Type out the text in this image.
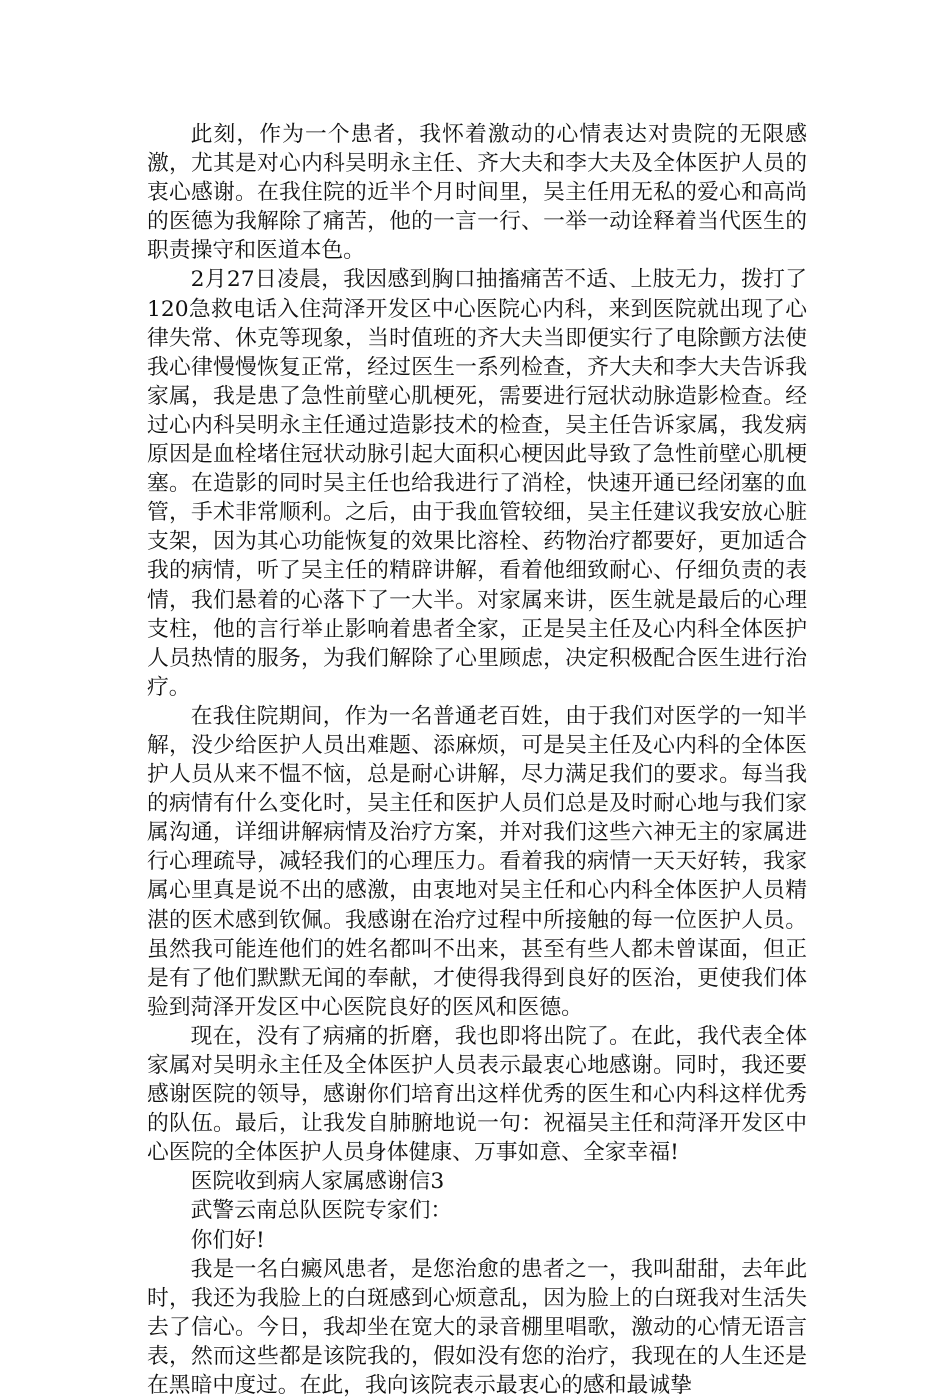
此刻，作为一个患者，我怀着激动的心情表达对贵院的无限感激，尤其是对心内科吴明永主任、齐大夫和李大夫及全体医护人员的衷心感谢。在我住院的近半个月时间里，吴主任用无私的爱心和高尚的医德为我解除了痛苦，他的一言一行、一举一动诠释着当代医生的职责操守和医道本色。

2月27日凌晨，我因感到胸口抽搐痛苦不适、上肢无力，拨打了120急救电话入住菏泽开发区中心医院心内科，来到医院就出现了心律失常、休克等现象，当时值班的齐大夫当即便实行了电除颤方法使我心律慢慢恢复正常，经过医生一系列检查，齐大夫和李大夫告诉我家属，我是患了急性前壁心肌梗死，需要进行冠状动脉造影检查。经过心内科吴明永主任通过造影技术的检查，吴主任告诉家属，我发病原因是血栓堵住冠状动脉引起大面积心梗因此导致了急性前壁心肌梗塞。在造影的同时吴主任也给我进行了消栓，快速开通已经闭塞的血管，手术非常顺利。之后，由于我血管较细，吴主任建议我安放心脏支架，因为其心功能恢复的效果比溶栓、药物治疗都要好，更加适合我的病情，听了吴主任的精辟讲解，看着他细致耐心、仔细负责的表情，我们悬着的心落下了一大半。对家属来讲，医生就是最后的心理支柱，他的言行举止影响着患者全家，正是吴主任及心内科全体医护人员热情的服务，为我们解除了心里顾虑，决定积极配合医生进行治疗。

在我住院期间，作为一名普通老百姓，由于我们对医学的一知半解，没少给医护人员出难题、添麻烦，可是吴主任及心内科的全体医护人员从来不愠不恼，总是耐心讲解，尽力满足我们的要求。每当我的病情有什么变化时，吴主任和医护人员们总是及时耐心地与我们家属沟通，详细讲解病情及治疗方案，并对我们这些六神无主的家属进行心理疏导，减轻我们的心理压力。看着我的病情一天天好转，我家属心里真是说不出的感激，由衷地对吴主任和心内科全体医护人员精湛的医术感到钦佩。我感谢在治疗过程中所接触的每一位医护人员。虽然我可能连他们的姓名都叫不出来，甚至有些人都未曾谋面，但正是有了他们默默无闻的奉献，才使得我得到良好的医治，更使我们体验到菏泽开发区中心医院良好的医风和医德。

现在，没有了病痛的折磨，我也即将出院了。在此，我代表全体家属对吴明永主任及全体医护人员表示最衷心地感谢。同时，我还要感谢医院的领导，感谢你们培育出这样优秀的医生和心内科这样优秀的队伍。最后，让我发自肺腑地说一句：祝福吴主任和菏泽开发区中心医院的全体医护人员身体健康、万事如意、全家幸福!

医院收到病人家属感谢信3

武警云南总队医院专家们：

你们好!

我是一名白癜风患者，是您治愈的患者之一，我叫甜甜，去年此时，我还为我脸上的白斑感到心烦意乱，因为脸上的白斑我对生活失去了信心。今日，我却坐在宽大的录音棚里唱歌，激动的心情无语言表，然而这些都是该院我的，假如没有您的治疗，我现在的人生还是在黑暗中度过。在此，我向该院表示最衷心的感和最诚挚
